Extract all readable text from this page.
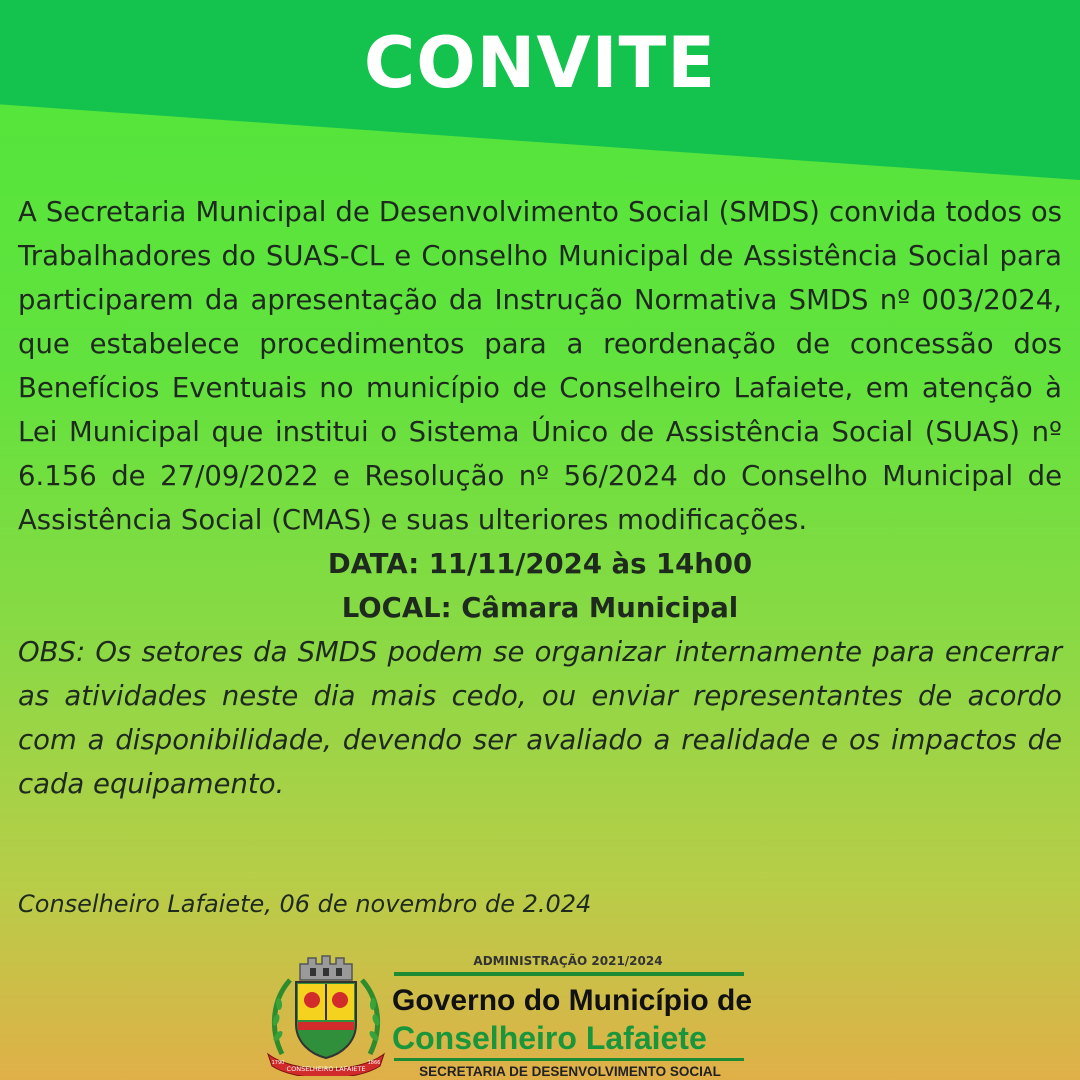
CONVITE

A Secretaria Municipal de Desenvolvimento Social (SMDS) convida todos os Trabalhadores do SUAS-CL e Conselho Municipal de Assistência Social para participarem da apresentação da Instrução Normativa SMDS nº 003/2024, que estabelece procedimentos para a reordenação de concessão dos Benefícios Eventuais no município de Conselheiro Lafaiete, em atenção à Lei Municipal que institui o Sistema Único de Assistência Social (SUAS) nº 6.156 de 27/09/2022 e Resolução nº 56/2024 do Conselho Municipal de Assistência Social (CMAS) e suas ulteriores modificações.

DATA: 11/11/2024 às 14h00

LOCAL: Câmara Municipal

OBS: Os setores da SMDS podem se organizar internamente para encerrar as atividades neste dia mais cedo, ou enviar representantes de acordo com a disponibilidade, devendo ser avaliado a realidade e os impactos de cada equipamento.

Conselheiro Lafaiete, 06 de novembro de 2.024

CONSELHEIRO LAFAIETE
1790	1866
ADMINISTRAÇÃO 2021/2024
Governo do Município de
Conselheiro Lafaiete
SECRETARIA DE DESENVOLVIMENTO SOCIAL
